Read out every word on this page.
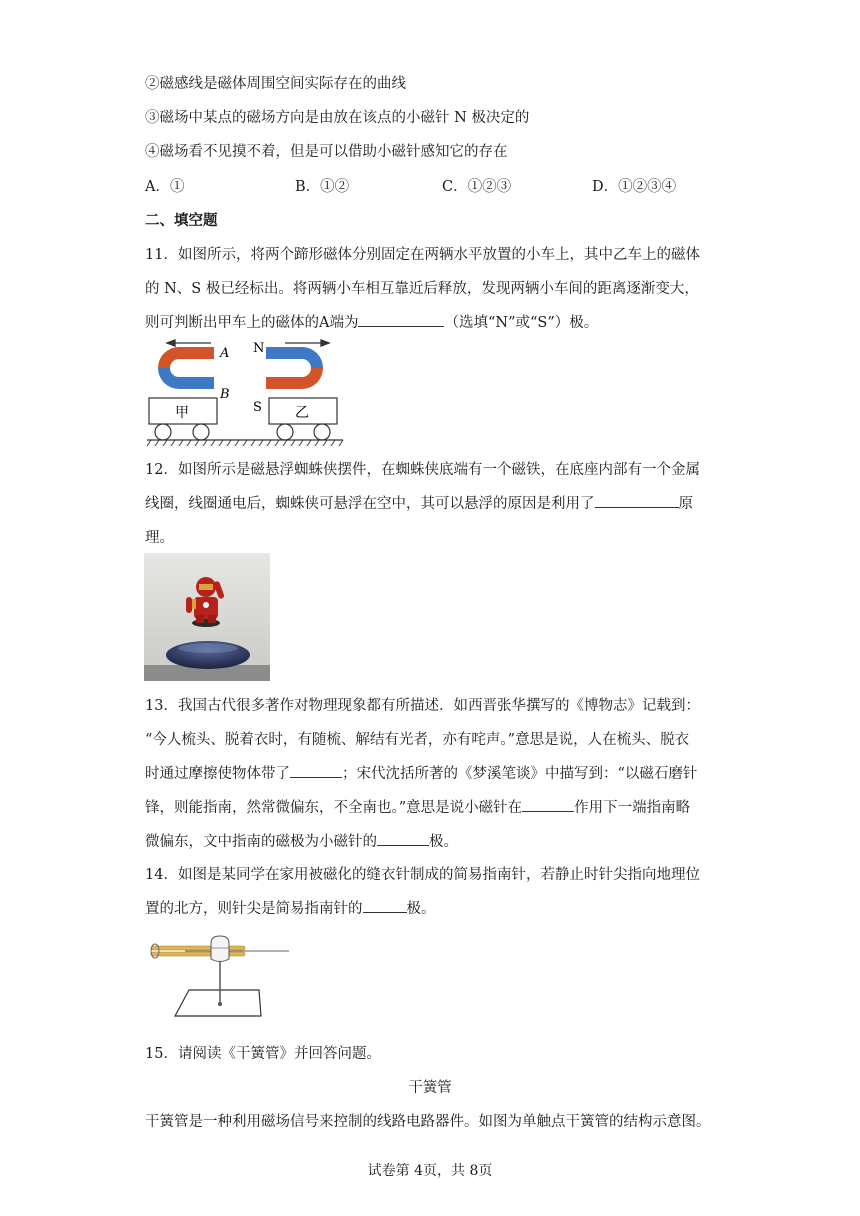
②磁感线是磁体周围空间实际存在的曲线
③磁场中某点的磁场方向是由放在该点的小磁针 N 极决定的
④磁场看不见摸不着，但是可以借助小磁针感知它的存在
A．①	B．①②	C．①②③	D．①②③④
二、填空题
11．如图所示，将两个蹄形磁体分别固定在两辆水平放置的小车上，其中乙车上的磁体
的 N、S 极已经标出。将两辆小车相互靠近后释放，发现两辆小车间的距离逐渐变大，
则可判断出甲车上的磁体的A端为	（选填“N”或“S”）极。
A
B
N
S
甲	乙
12．如图所示是磁悬浮蜘蛛侠摆件，在蜘蛛侠底端有一个磁铁，在底座内部有一个金属
线圈，线圈通电后，蜘蛛侠可悬浮在空中，其可以悬浮的原因是利用了	原
理。
13．我国古代很多著作对物理现象都有所描述．如西晋张华撰写的《博物志》记载到：
“今人梳头、脱着衣时，有随梳、解结有光者，亦有咤声。”意思是说，人在梳头、脱衣
时通过摩擦使物体带了	；宋代沈括所著的《梦溪笔谈》中描写到：“以磁石磨针
锋，则能指南，然常微偏东，不全南也。”意思是说小磁针在	作用下一端指南略
微偏东，文中指南的磁极为小磁针的	极。
14．如图是某同学在家用被磁化的缝衣针制成的简易指南针，若静止时针尖指向地理位
置的北方，则针尖是简易指南针的	极。
15．请阅读《干簧管》并回答问题。
干簧管
干簧管是一种利用磁场信号来控制的线路电路器件。如图为单触点干簧管的结构示意图。
试卷第 4页，共 8页
